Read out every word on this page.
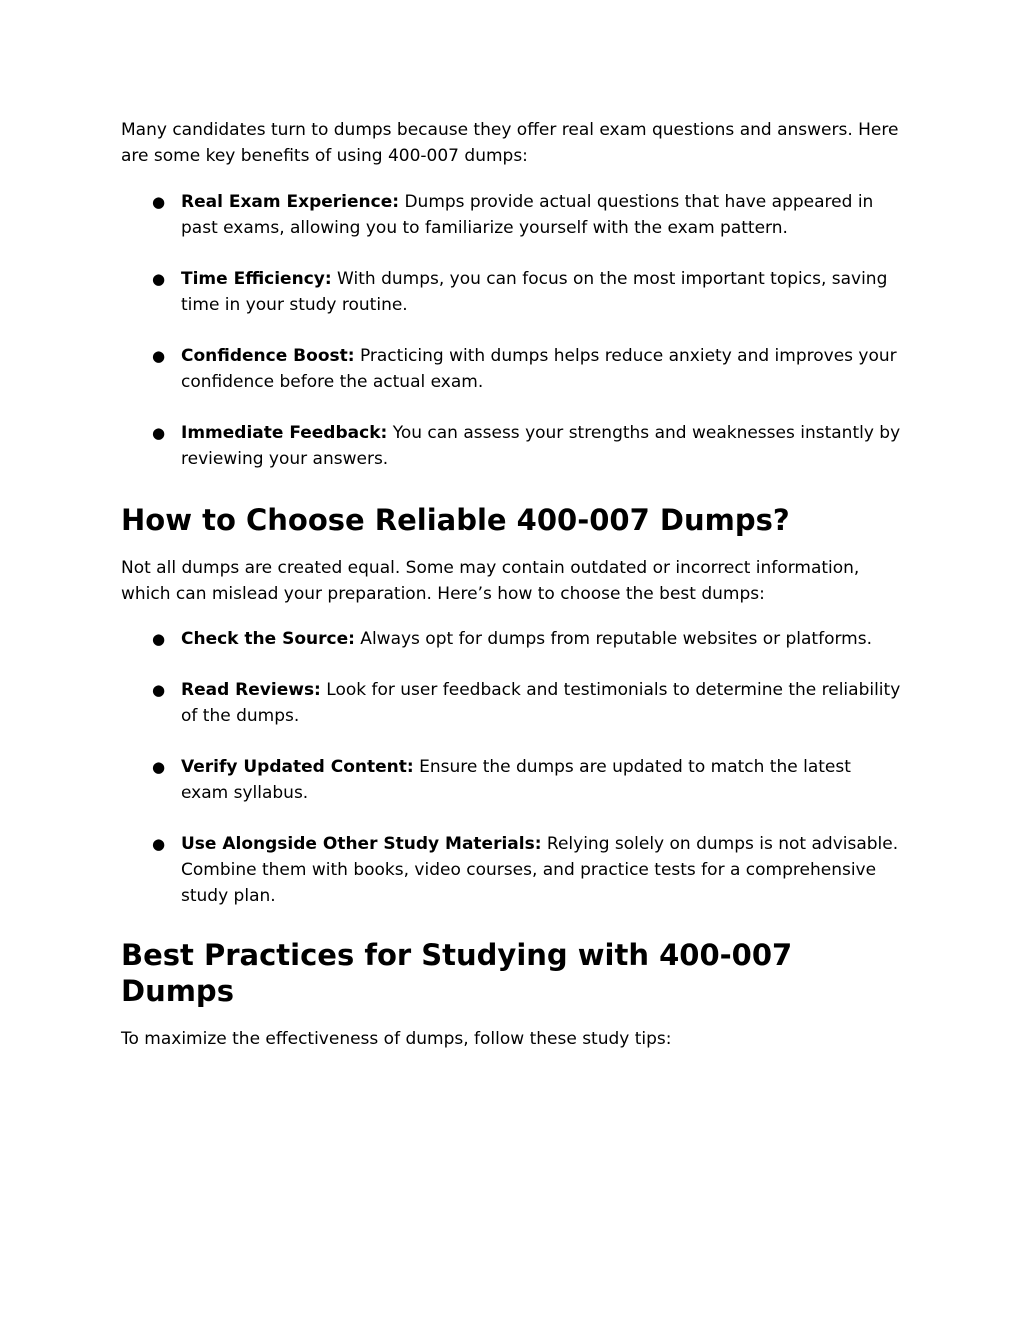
Many candidates turn to dumps because they offer real exam questions and answers. Here are some key benefits of using 400-007 dumps:

● Real Exam Experience: Dumps provide actual questions that have appeared in past exams, allowing you to familiarize yourself with the exam pattern.
● Time Efficiency: With dumps, you can focus on the most important topics, saving time in your study routine.
● Confidence Boost: Practicing with dumps helps reduce anxiety and improves your confidence before the actual exam.
● Immediate Feedback: You can assess your strengths and weaknesses instantly by reviewing your answers.
How to Choose Reliable 400-007 Dumps?

Not all dumps are created equal. Some may contain outdated or incorrect information, which can mislead your preparation. Here’s how to choose the best dumps:

● Check the Source: Always opt for dumps from reputable websites or platforms.
● Read Reviews: Look for user feedback and testimonials to determine the reliability of the dumps.
● Verify Updated Content: Ensure the dumps are updated to match the latest exam syllabus.
● Use Alongside Other Study Materials: Relying solely on dumps is not advisable. Combine them with books, video courses, and practice tests for a comprehensive study plan.
Best Practices for Studying with 400-007 Dumps

To maximize the effectiveness of dumps, follow these study tips:
